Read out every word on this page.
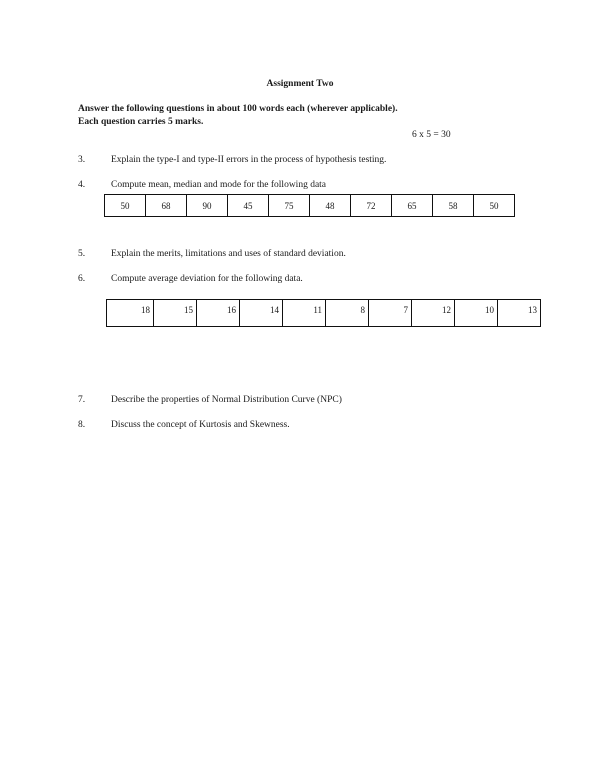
Assignment Two
Answer the following questions in about 100 words each (wherever applicable).
Each question carries 5 marks.
6 x 5 = 30
3.	Explain the type-I and type-II errors in the process of hypothesis testing.
4.	Compute mean, median and mode for the following data
50	68	90	45	75	48	72	65	58	50
5.	Explain the merits, limitations and uses of standard deviation.
6.	Compute average deviation for the following data.
18	15	16	14	11	8	7	12	10	13
7.	Describe the properties of Normal Distribution Curve (NPC)
8.	Discuss the concept of Kurtosis and Skewness.
